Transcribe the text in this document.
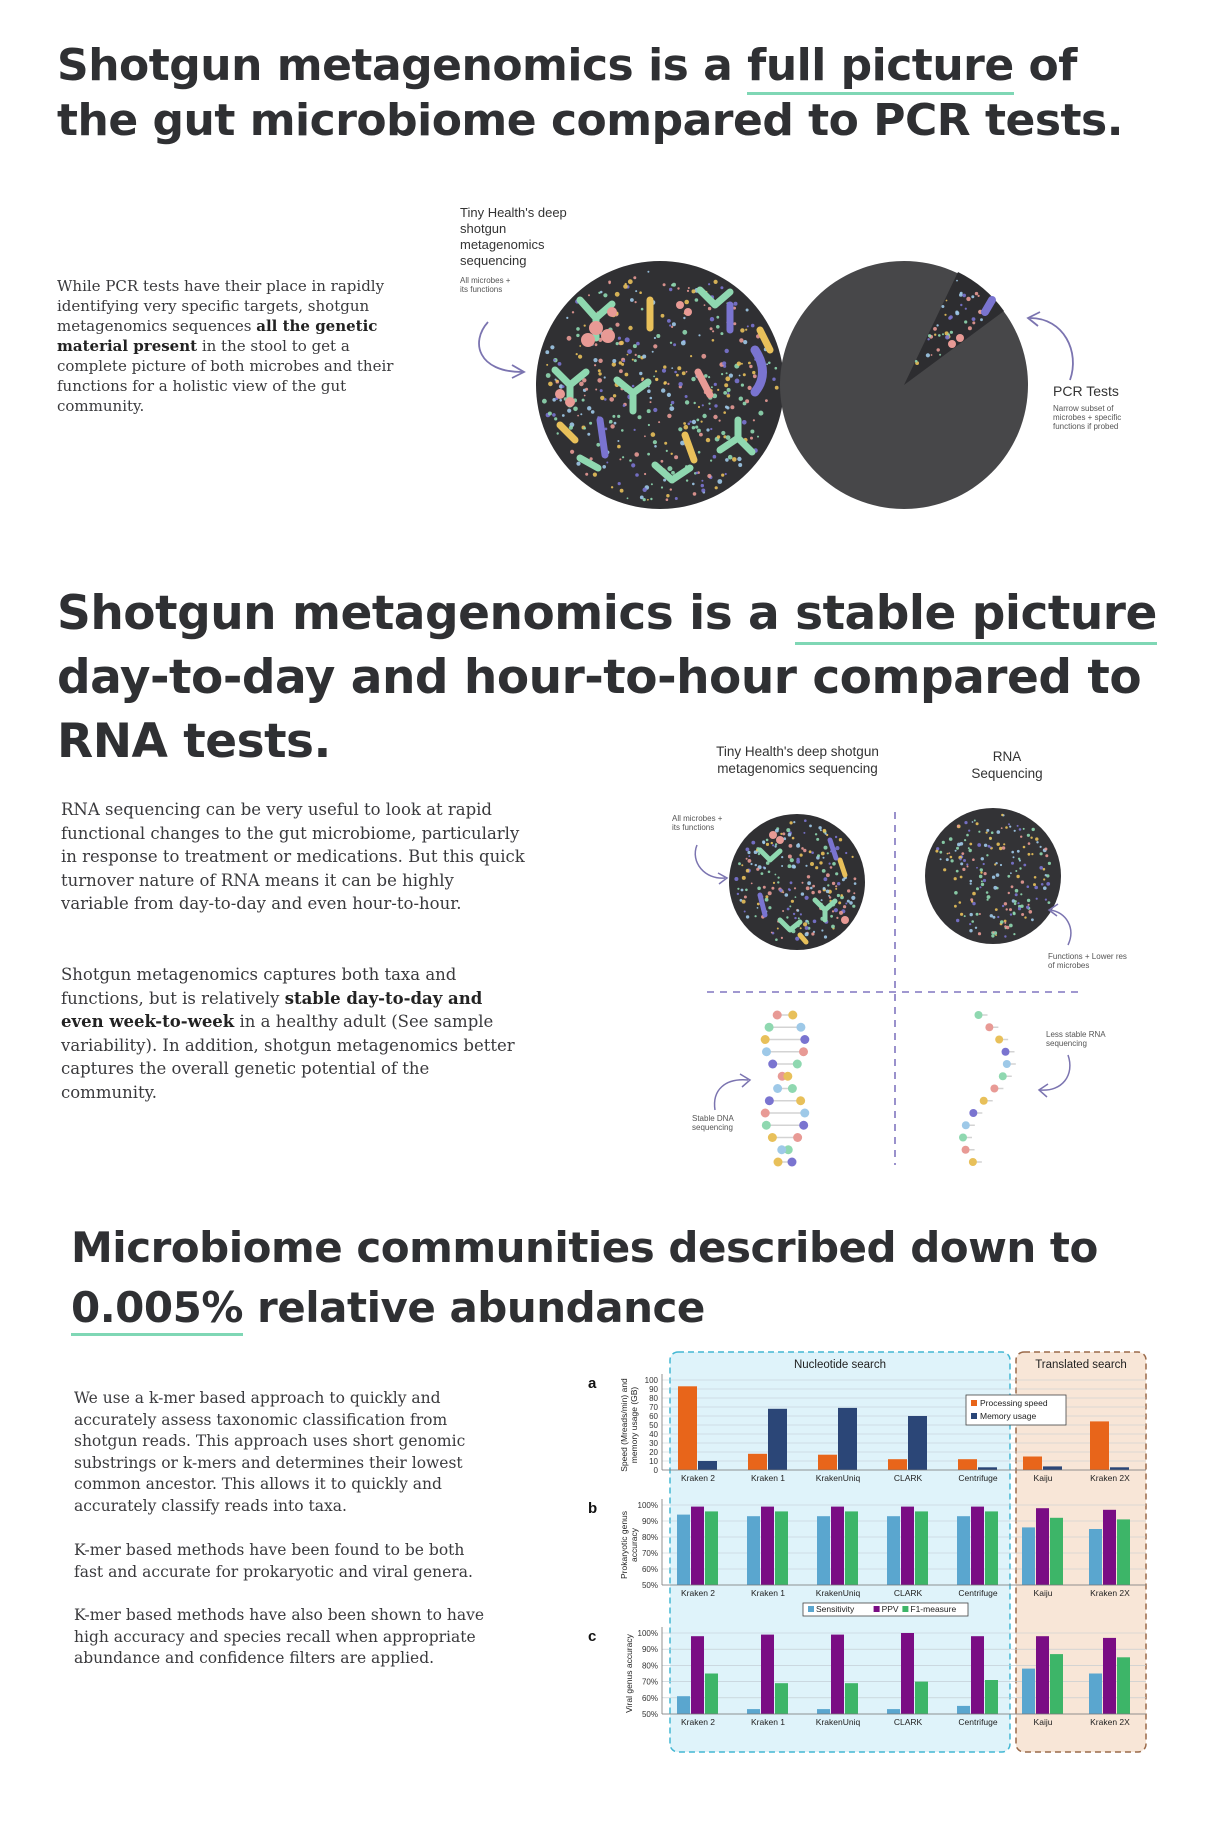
Shotgun metagenomics is a full picture of the gut microbiome compared to PCR tests.

While PCR tests have their place in rapidly identifying very specific targets, shotgun metagenomics sequences all the genetic material present in the stool to get a complete picture of both microbes and their functions for a holistic view of the gut community.

Tiny Health's deep shotgun metagenomics sequencing

All microbes + its functions

PCR Tests

Narrow subset of microbes + specific functions if probed

Shotgun metagenomics is a stable picture day-to-day and hour-to-hour compared to RNA tests.

RNA sequencing can be very useful to look at rapid functional changes to the gut microbiome, particularly in response to treatment or medications. But this quick turnover nature of RNA means it can be highly variable from day-to-day and even hour-to-hour.

Shotgun metagenomics captures both taxa and functions, but is relatively stable day-to-day and even week-to-week in a healthy adult (See sample variability). In addition, shotgun metagenomics better captures the overall genetic potential of the community.

Tiny Health's deep shotgun metagenomics sequencing

RNA Sequencing

All microbes + its functions

Functions + Lower res of microbes

Stable DNA sequencing

Less stable RNA sequencing

Microbiome communities described down to 0.005% relative abundance

We use a k-mer based approach to quickly and accurately assess taxonomic classification from shotgun reads. This approach uses short genomic substrings or k-mers and determines their lowest common ancestor. This allows it to quickly and accurately classify reads into taxa.

K-mer based methods have been found to be both fast and accurate for prokaryotic and viral genera.

K-mer based methods have also been shown to have high accuracy and species recall when appropriate abundance and confidence filters are applied.

Nucleotide search	Translated search
0
10
20
30
40
50
60
70
80
90
100
Speed (Mreads/min) andmemory usage (GB)
a
Kraken 2	Kraken 1	KrakenUniq	CLARK	Centrifuge	Kaiju	Kraken 2X
Processing speed
Memory usage
50%
60%
70%
80%
90%
100%
Prokaryotic genusaccuracy
b
Kraken 2	Kraken 1	KrakenUniq	CLARK	Centrifuge	Kaiju	Kraken 2X
Sensitivity	PPV F1-measure
50%
60%
70%
80%
90%
100%
Viral genus accuracy
c
Kraken 2	Kraken 1	KrakenUniq	CLARK	Centrifuge	Kaiju	Kraken 2X
